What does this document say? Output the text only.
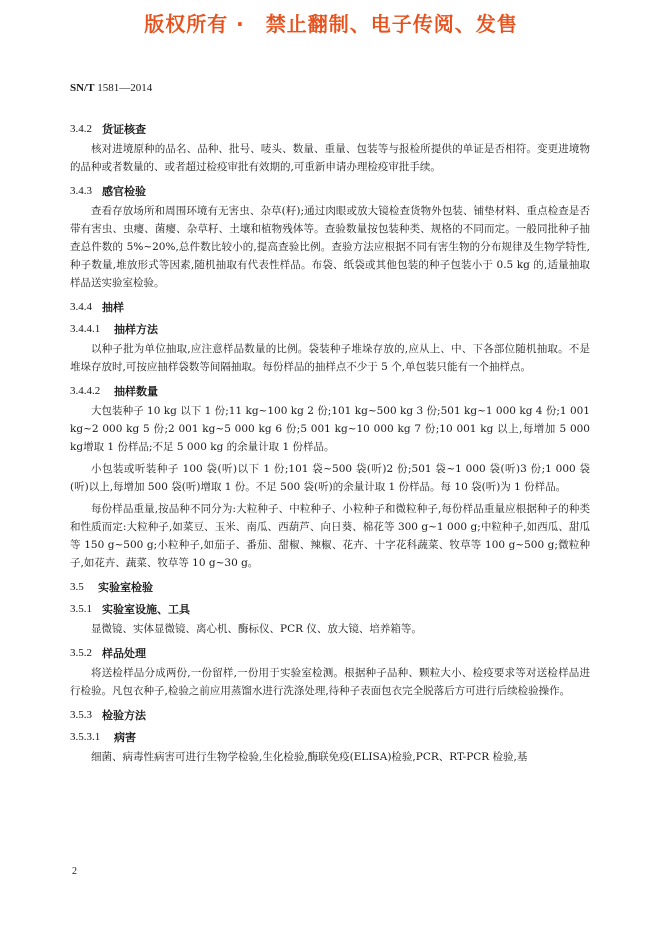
版权所有 ·　禁止翻制、电子传阅、发售
SN/T 1581—2014
3.4.2 货证核查

核对进境原种的品名、品种、批号、唛头、数量、重量、包装等与报检所提供的单证是否相符。变更进境物的品种或者数量的、或者超过检疫审批有效期的,可重新申请办理检疫审批手续。

3.4.3 感官检验

查看存放场所和周围环境有无害虫、杂草(籽);通过肉眼或放大镜检查货物外包装、铺垫材料、重点检查是否带有害虫、虫瘿、菌瘿、杂草籽、土壤和植物残体等。查验数量按包装种类、规格的不同而定。一般同批种子抽查总件数的 5%~20%,总件数比较小的,提高查验比例。查验方法应根据不同有害生物的分布规律及生物学特性,种子数量,堆放形式等因素,随机抽取有代表性样品。布袋、纸袋或其他包装的种子包装小于 0.5 kg 的,适量抽取样品送实验室检验。

3.4.4 抽样
3.4.4.1	抽样方法

以种子批为单位抽取,应注意样品数量的比例。袋装种子堆垛存放的,应从上、中、下各部位随机抽取。不是堆垛存放时,可按应抽样袋数等间隔抽取。每份样品的抽样点不少于 5 个,单包装只能有一个抽样点。

3.4.4.2	抽样数量

大包装种子 10 kg 以下 1 份;11 kg~100 kg 2 份;101 kg~500 kg 3 份;501 kg~1 000 kg 4 份;1 001 kg~2 000 kg 5 份;2 001 kg~5 000 kg 6 份;5 001 kg~10 000 kg 7 份;10 001 kg 以上,每增加 5 000 kg增取 1 份样品;不足 5 000 kg 的余量计取 1 份样品。

小包装或听装种子 100 袋(听)以下 1 份;101 袋~500 袋(听)2 份;501 袋~1 000 袋(听)3 份;1 000 袋(听)以上,每增加 500 袋(听)增取 1 份。不足 500 袋(听)的余量计取 1 份样品。每 10 袋(听)为 1 份样品。

每份样品重量,按品种不同分为:大粒种子、中粒种子、小粒种子和微粒种子,每份样品重量应根据种子的种类和性质而定:大粒种子,如菜豆、玉米、南瓜、西葫芦、向日葵、棉花等 300 g~1 000 g;中粒种子,如西瓜、甜瓜等 150 g~500 g;小粒种子,如茄子、番茄、甜椒、辣椒、花卉、十字花科蔬菜、牧草等 100 g~500 g;微粒种子,如花卉、蔬菜、牧草等 10 g~30 g。

3.5	实验室检验
3.5.1 实验室设施、工具

显微镜、实体显微镜、离心机、酶标仪、PCR 仪、放大镜、培养箱等。

3.5.2 样品处理

将送检样品分成两份,一份留样,一份用于实验室检测。根据种子品种、颗粒大小、检疫要求等对送检样品进行检验。凡包衣种子,检验之前应用蒸馏水进行洗涤处理,待种子表面包衣完全脱落后方可进行后续检验操作。

3.5.3 检验方法
3.5.3.1	病害

细菌、病毒性病害可进行生物学检验,生化检验,酶联免疫(ELISA)检验,PCR、RT-PCR 检验,基

2
